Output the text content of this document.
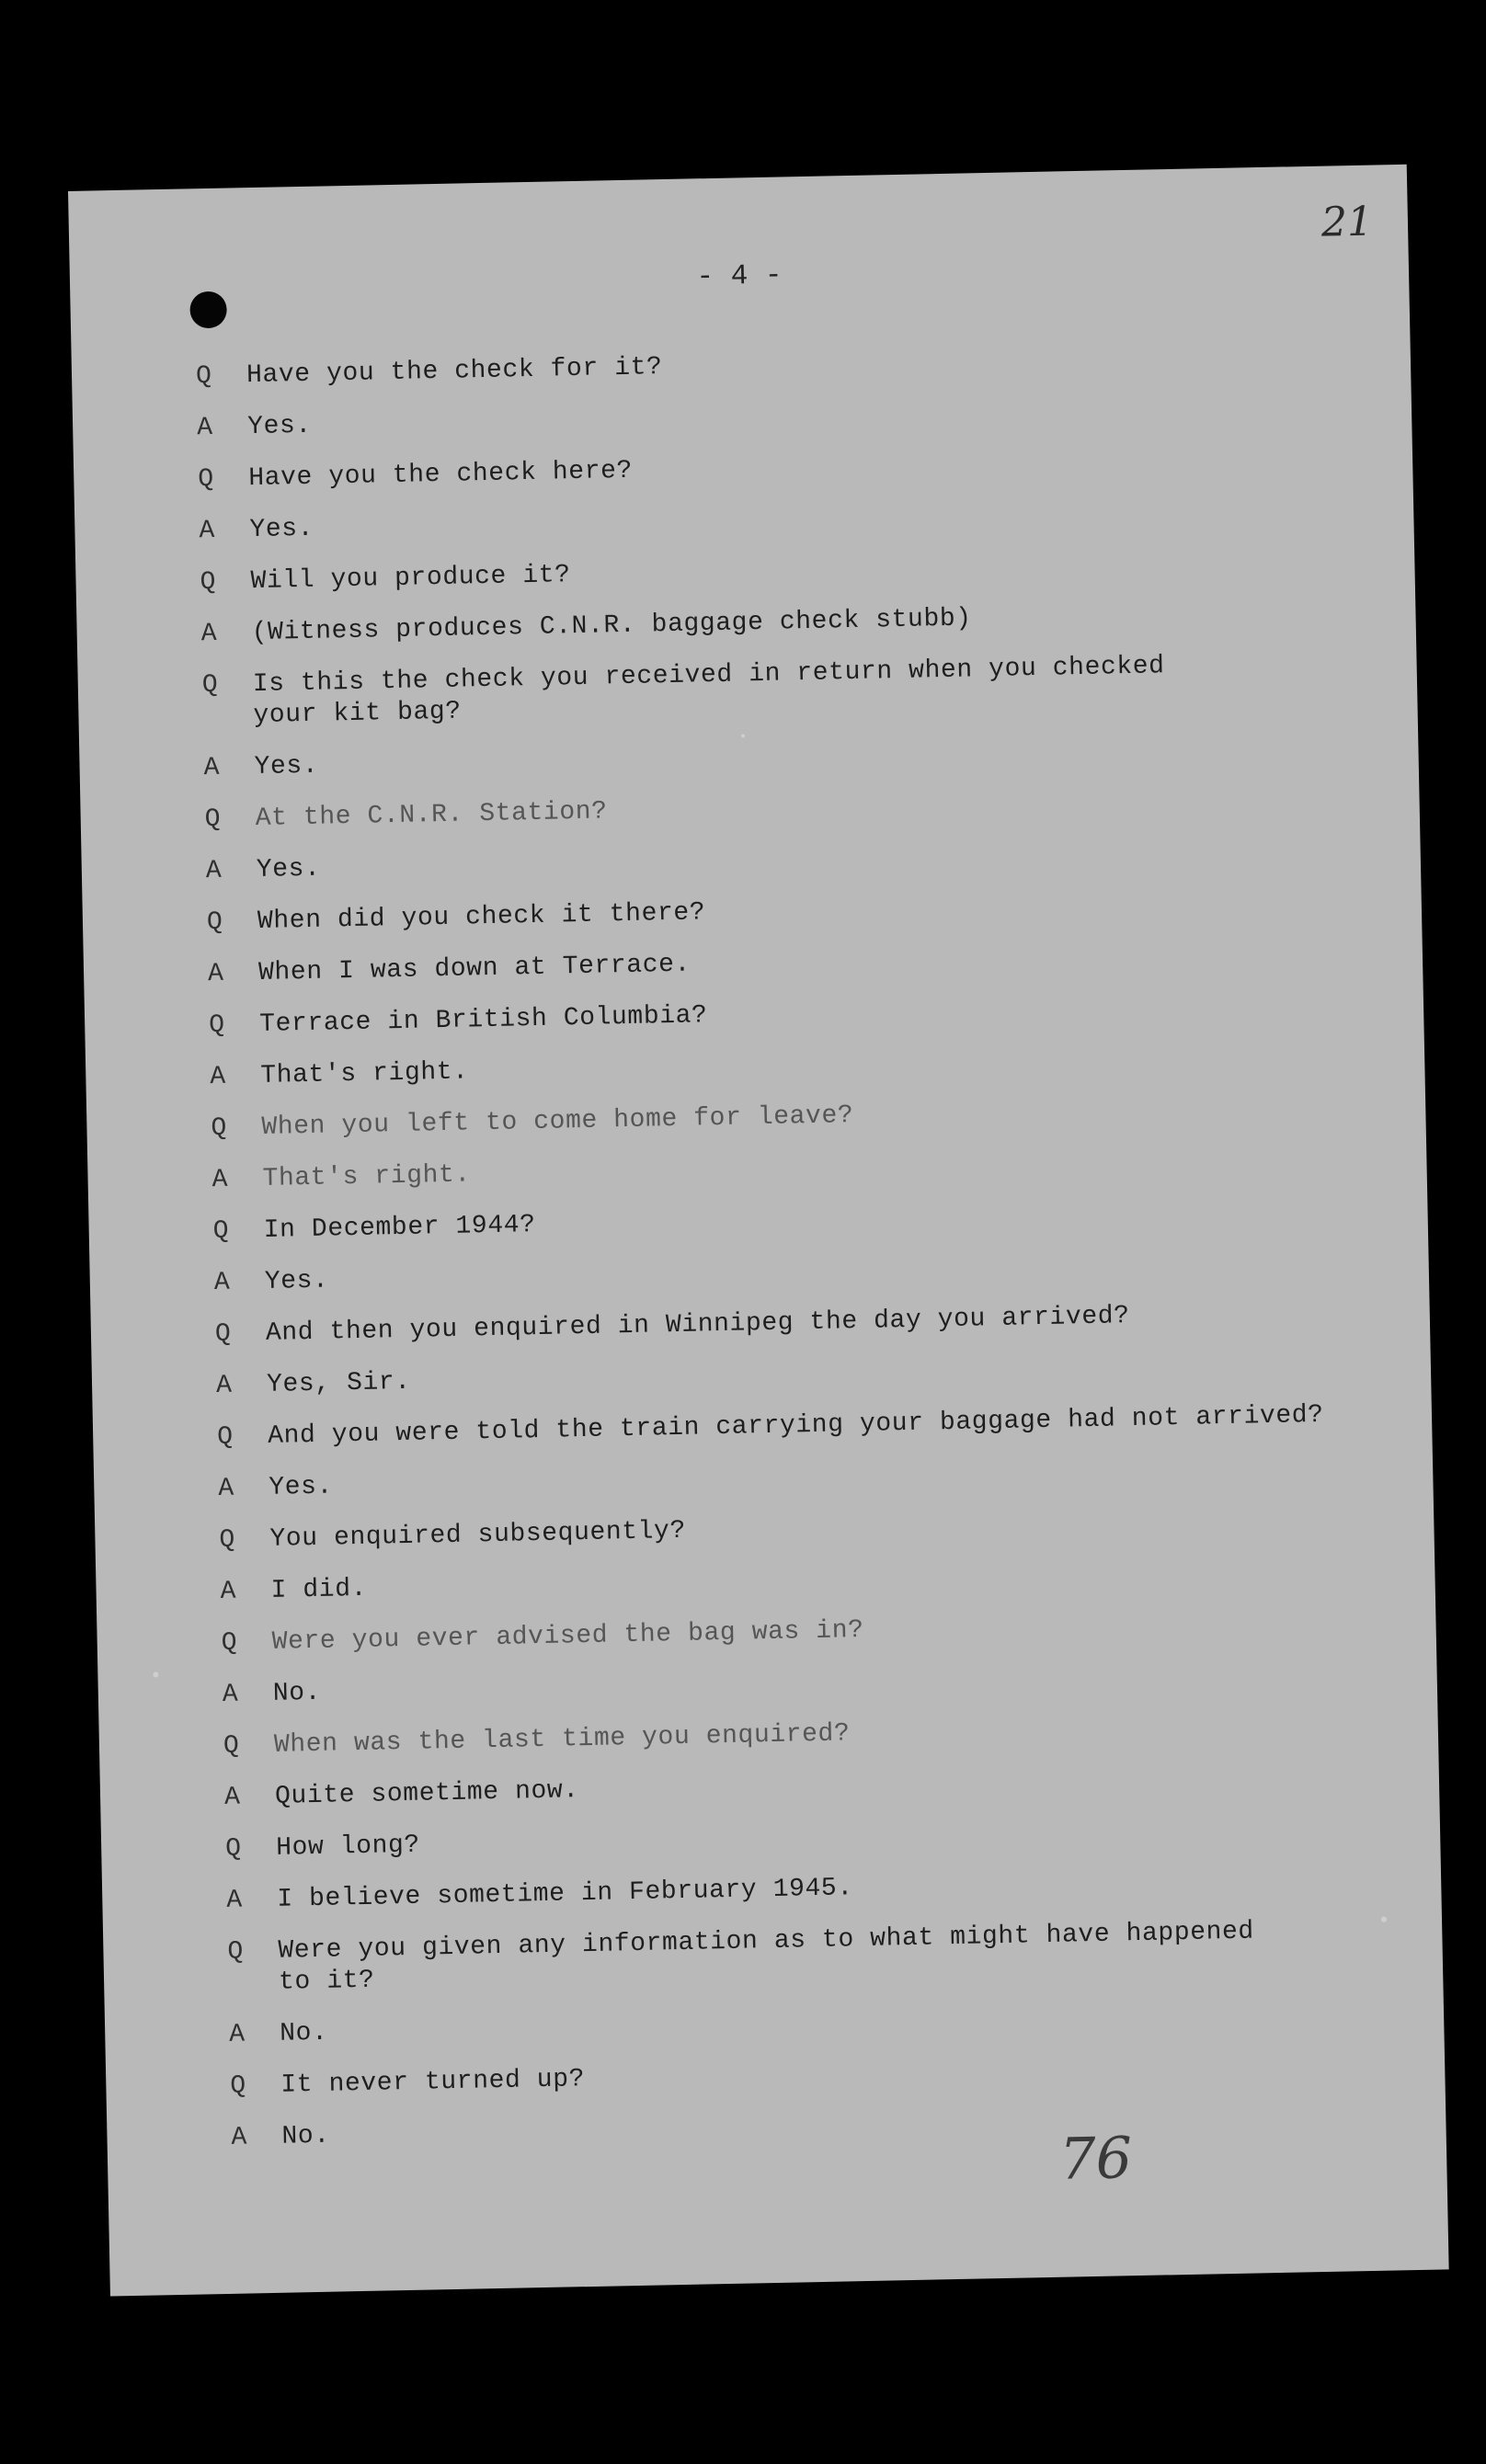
- 4 -
21
Q	Have you the check for it?
A	Yes.
Q	Have you the check here?
A	Yes.
Q	Will you produce it?
A	(Witness produces C.N.R. baggage check stubb)
Q	Is this the check you received in return when you checked
your kit bag?
A	Yes.
Q	At the C.N.R. Station?
A	Yes.
Q	When did you check it there?
A	When I was down at Terrace.
Q	Terrace in British Columbia?
A	That's right.
Q	When you left to come home for leave?
A	That's right.
Q	In December 1944?
A	Yes.
Q	And then you enquired in Winnipeg the day you arrived?
A	Yes, Sir.
Q	And you were told the train carrying your baggage had not arrived?
A	Yes.
Q	You enquired subsequently?
A	I did.
Q	Were you ever advised the bag was in?
A	No.
Q	When was the last time you enquired?
A	Quite sometime now.
Q	How long?
A	I believe sometime in February 1945.
Q	Were you given any information as to what might have happened
to it?
A	No.
Q	It never turned up?
A	No.	76
